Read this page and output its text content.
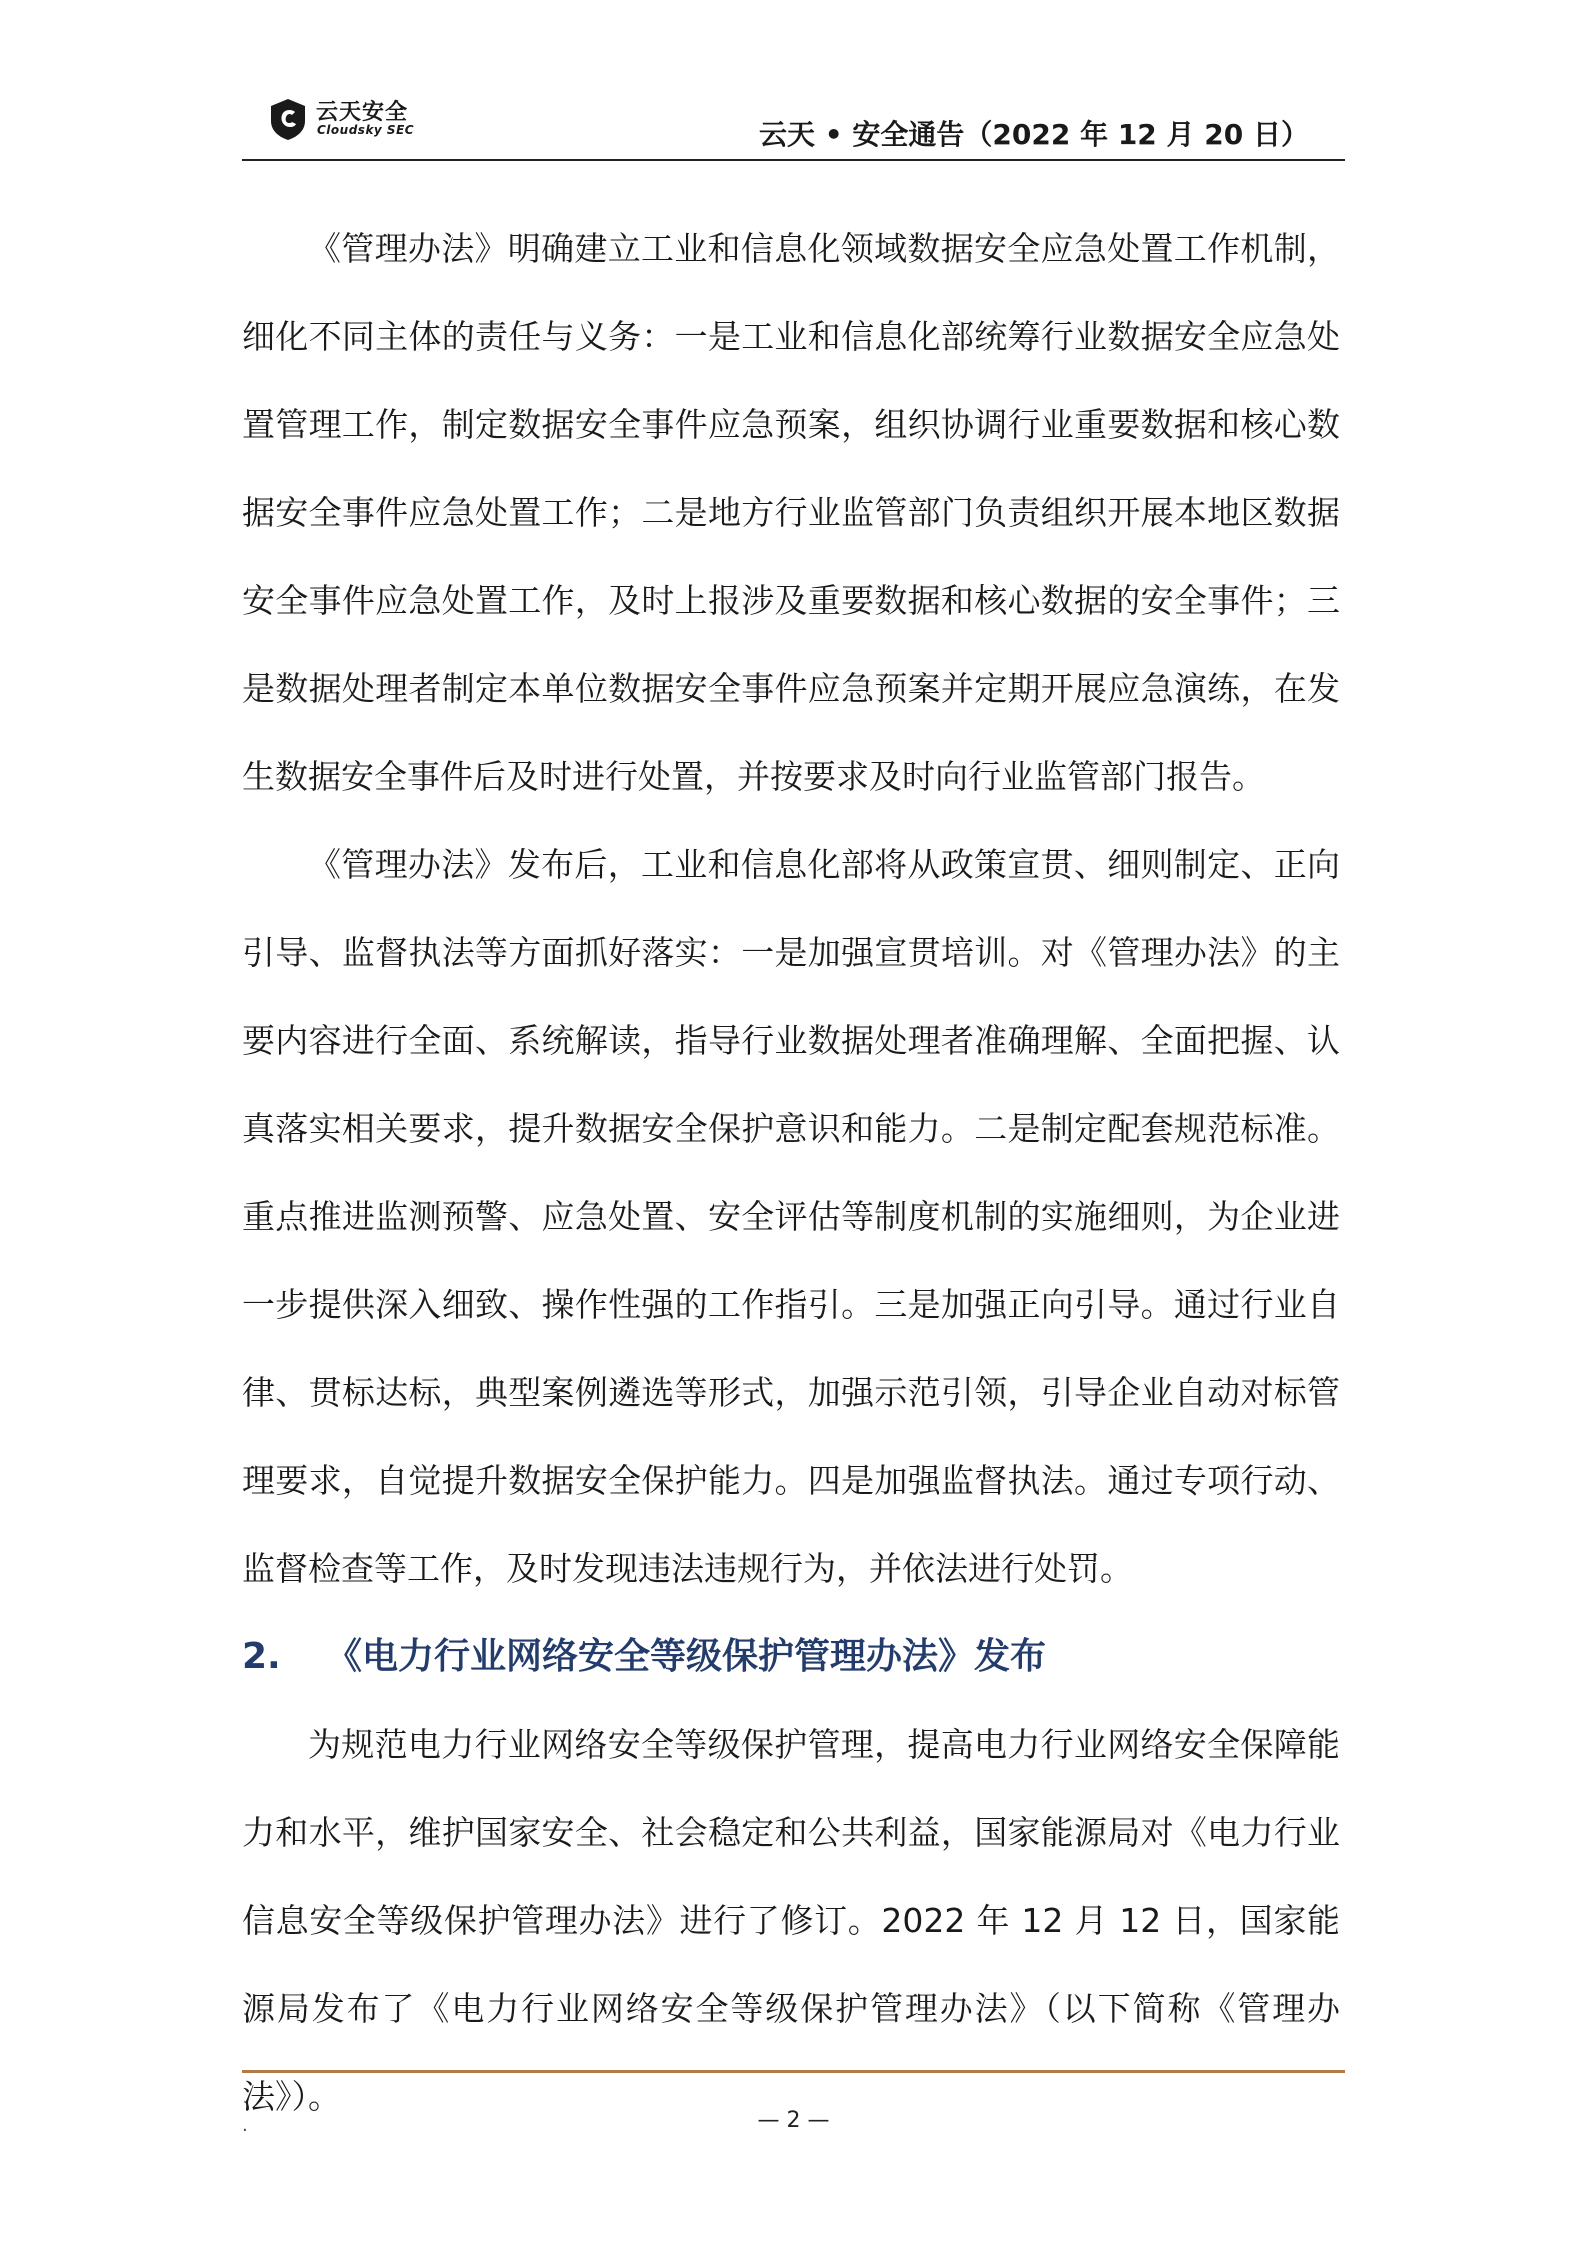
云天安全
Cloudsky SEC	云天 • 安全通告（2022 年 12 月 20 日）

《管理办法》明确建立工业和信息化领域数据安全应急处置工作机制，细化不同主体的责任与义务：一是工业和信息化部统筹行业数据安全应急处置管理工作，制定数据安全事件应急预案，组织协调行业重要数据和核心数据安全事件应急处置工作；二是地方行业监管部门负责组织开展本地区数据安全事件应急处置工作，及时上报涉及重要数据和核心数据的安全事件；三是数据处理者制定本单位数据安全事件应急预案并定期开展应急演练，在发生数据安全事件后及时进行处置，并按要求及时向行业监管部门报告。

《管理办法》发布后，工业和信息化部将从政策宣贯、细则制定、正向引导、监督执法等方面抓好落实：一是加强宣贯培训。对《管理办法》的主要内容进行全面、系统解读，指导行业数据处理者准确理解、全面把握、认真落实相关要求，提升数据安全保护意识和能力。二是制定配套规范标准。重点推进监测预警、应急处置、安全评估等制度机制的实施细则，为企业进一步提供深入细致、操作性强的工作指引。三是加强正向引导。通过行业自律、贯标达标，典型案例遴选等形式，加强示范引领，引导企业自动对标管理要求，自觉提升数据安全保护能力。四是加强监督执法。通过专项行动、监督检查等工作，及时发现违法违规行为，并依法进行处罚。

2. 《电力行业网络安全等级保护管理办法》发布

为规范电力行业网络安全等级保护管理，提高电力行业网络安全保障能力和水平，维护国家安全、社会稳定和公共利益，国家能源局对《电力行业信息安全等级保护管理办法》进行了修订。2022 年 12 月 12 日，国家能源局发布了《电力行业网络安全等级保护管理办法》（以下简称《管理办法》）。

.	— 2 —
